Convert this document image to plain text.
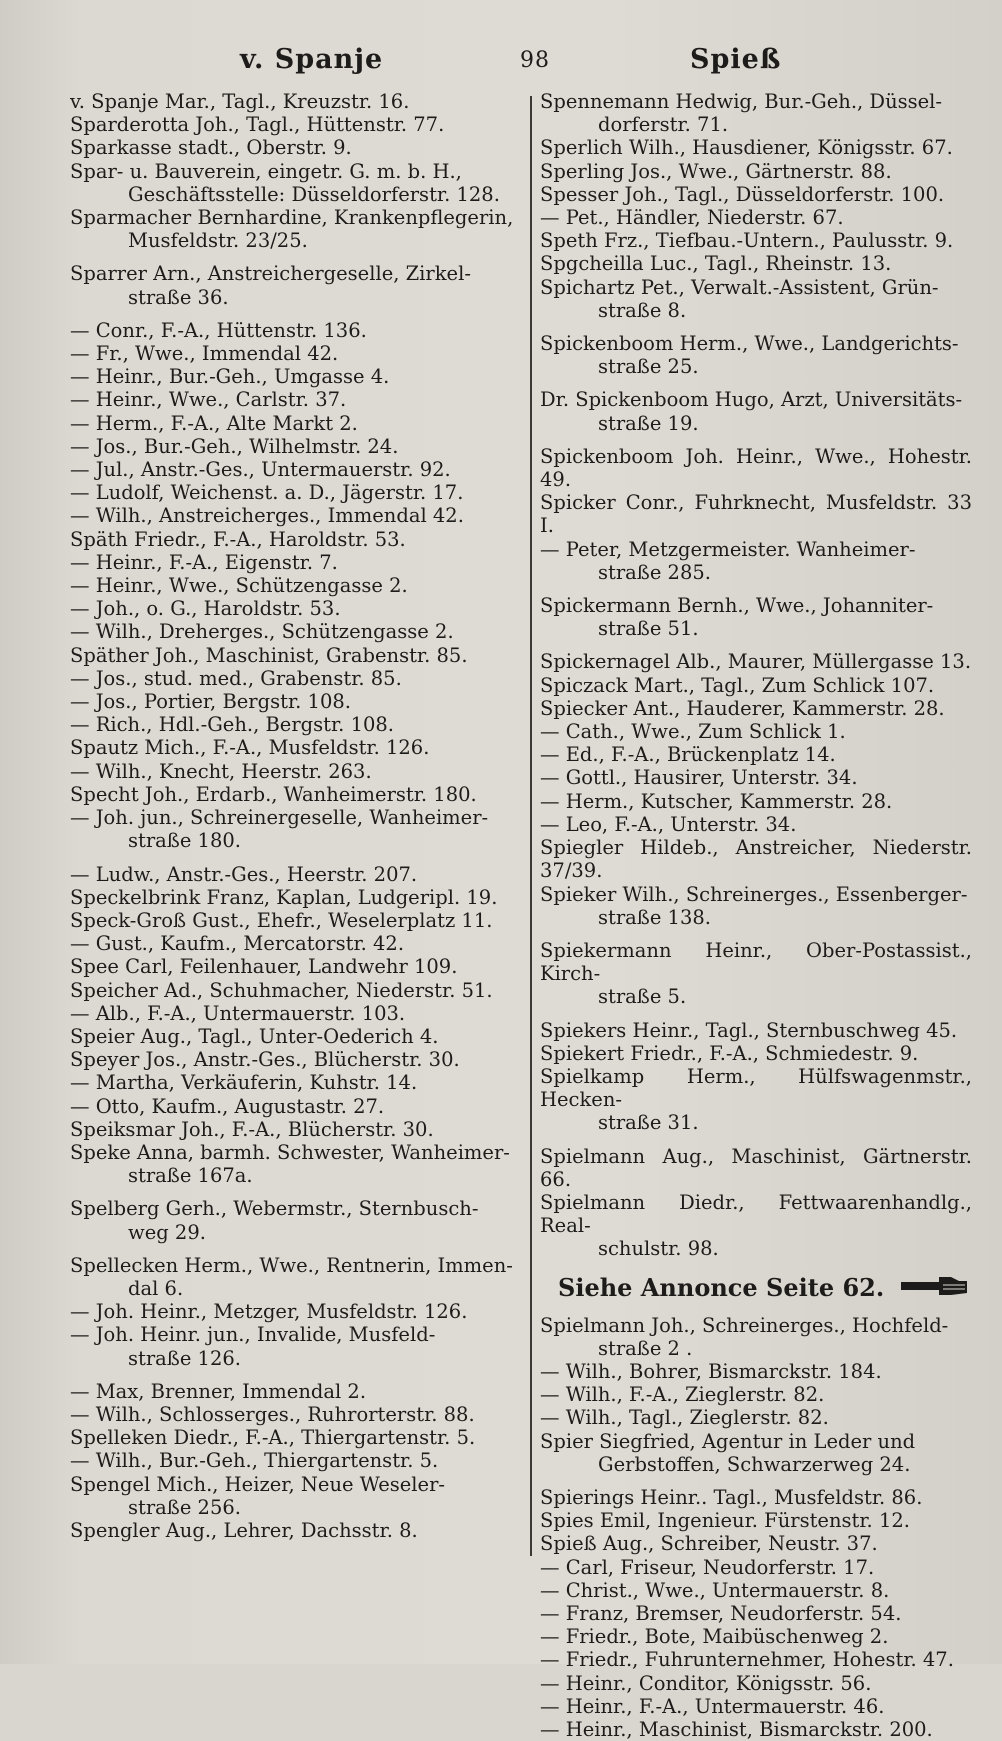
v. Spanje	98	Spieß
v. Spanje Mar., Tagl., Kreuzstr. 16.
Sparderotta Joh., Tagl., Hüttenstr. 77.
Sparkasse stadt., Oberstr. 9.
Spar- u. Bauverein, eingetr. G. m. b. H.,
Geschäftsstelle: Düsseldorferstr. 128.
Sparmacher Bernhardine, Krankenpflegerin,
Musfeldstr. 23/25.
Sparrer Arn., Anstreichergeselle, Zirkel-
straße 36.
— Conr., F.-A., Hüttenstr. 136.
— Fr., Wwe., Immendal 42.
— Heinr., Bur.-Geh., Umgasse 4.
— Heinr., Wwe., Carlstr. 37.
— Herm., F.-A., Alte Markt 2.
— Jos., Bur.-Geh., Wilhelmstr. 24.
— Jul., Anstr.-Ges., Untermauerstr. 92.
— Ludolf, Weichenst. a. D., Jägerstr. 17.
— Wilh., Anstreicherges., Immendal 42.
Späth Friedr., F.-A., Haroldstr. 53.
— Heinr., F.-A., Eigenstr. 7.
— Heinr., Wwe., Schützengasse 2.
— Joh., o. G., Haroldstr. 53.
— Wilh., Dreherges., Schützengasse 2.
Späther Joh., Maschinist, Grabenstr. 85.
— Jos., stud. med., Grabenstr. 85.
— Jos., Portier, Bergstr. 108.
— Rich., Hdl.-Geh., Bergstr. 108.
Spautz Mich., F.-A., Musfeldstr. 126.
— Wilh., Knecht, Heerstr. 263.
Specht Joh., Erdarb., Wanheimerstr. 180.
— Joh. jun., Schreinergeselle, Wanheimer-
straße 180.
— Ludw., Anstr.-Ges., Heerstr. 207.
Speckelbrink Franz, Kaplan, Ludgeripl. 19.
Speck-Groß Gust., Ehefr., Weselerplatz 11.
— Gust., Kaufm., Mercatorstr. 42.
Spee Carl, Feilenhauer, Landwehr 109.
Speicher Ad., Schuhmacher, Niederstr. 51.
— Alb., F.-A., Untermauerstr. 103.
Speier Aug., Tagl., Unter-Oederich 4.
Speyer Jos., Anstr.-Ges., Blücherstr. 30.
— Martha, Verkäuferin, Kuhstr. 14.
— Otto, Kaufm., Augustastr. 27.
Speiksmar Joh., F.-A., Blücherstr. 30.
Speke Anna, barmh. Schwester, Wanheimer-
straße 167a.
Spelberg Gerh., Webermstr., Sternbusch-
weg 29.
Spellecken Herm., Wwe., Rentnerin, Immen-
dal 6.
— Joh. Heinr., Metzger, Musfeldstr. 126.
— Joh. Heinr. jun., Invalide, Musfeld-
straße 126.
— Max, Brenner, Immendal 2.
— Wilh., Schlosserges., Ruhrorterstr. 88.
Spelleken Diedr., F.-A., Thiergartenstr. 5.
— Wilh., Bur.-Geh., Thiergartenstr. 5.
Spengel Mich., Heizer, Neue Weseler-
straße 256.
Spengler Aug., Lehrer, Dachsstr. 8.
Spennemann Hedwig, Bur.-Geh., Düssel-
dorferstr. 71.
Sperlich Wilh., Hausdiener, Königsstr. 67.
Sperling Jos., Wwe., Gärtnerstr. 88.
Spesser Joh., Tagl., Düsseldorferstr. 100.
— Pet., Händler, Niederstr. 67.
Speth Frz., Tiefbau.-Untern., Paulusstr. 9.
Spgcheilla Luc., Tagl., Rheinstr. 13.
Spichartz Pet., Verwalt.-Assistent, Grün-
straße 8.
Spickenboom Herm., Wwe., Landgerichts-
straße 25.
Dr. Spickenboom Hugo, Arzt, Universitäts-
straße 19.
Spickenboom Joh. Heinr., Wwe., Hohestr. 49.
Spicker Conr., Fuhrknecht, Musfeldstr. 33 I.
— Peter, Metzgermeister. Wanheimer-
straße 285.
Spickermann Bernh., Wwe., Johanniter-
straße 51.
Spickernagel Alb., Maurer, Müllergasse 13.
Spiczack Mart., Tagl., Zum Schlick 107.
Spiecker Ant., Hauderer, Kammerstr. 28.
— Cath., Wwe., Zum Schlick 1.
— Ed., F.-A., Brückenplatz 14.
— Gottl., Hausirer, Unterstr. 34.
— Herm., Kutscher, Kammerstr. 28.
— Leo, F.-A., Unterstr. 34.
Spiegler Hildeb., Anstreicher, Niederstr. 37/39.
Spieker Wilh., Schreinerges., Essenberger-
straße 138.
Spiekermann Heinr., Ober-Postassist., Kirch-
straße 5.
Spiekers Heinr., Tagl., Sternbuschweg 45.
Spiekert Friedr., F.-A., Schmiedestr. 9.
Spielkamp Herm., Hülfswagenmstr., Hecken-
straße 31.
Spielmann Aug., Maschinist, Gärtnerstr. 66.
Spielmann Diedr., Fettwaarenhandlg., Real-
schulstr. 98.
Siehe Annonce Seite 62.
Spielmann Joh., Schreinerges., Hochfeld-
straße 2 .
— Wilh., Bohrer, Bismarckstr. 184.
— Wilh., F.-A., Zieglerstr. 82.
— Wilh., Tagl., Zieglerstr. 82.
Spier Siegfried, Agentur in Leder und
Gerbstoffen, Schwarzerweg 24.
Spierings Heinr.. Tagl., Musfeldstr. 86.
Spies Emil, Ingenieur. Fürstenstr. 12.
Spieß Aug., Schreiber, Neustr. 37.
— Carl, Friseur, Neudorferstr. 17.
— Christ., Wwe., Untermauerstr. 8.
— Franz, Bremser, Neudorferstr. 54.
— Friedr., Bote, Maibüschenweg 2.
— Friedr., Fuhrunternehmer, Hohestr. 47.
— Heinr., Conditor, Königsstr. 56.
— Heinr., F.-A., Untermauerstr. 46.
— Heinr., Maschinist, Bismarckstr. 200.
